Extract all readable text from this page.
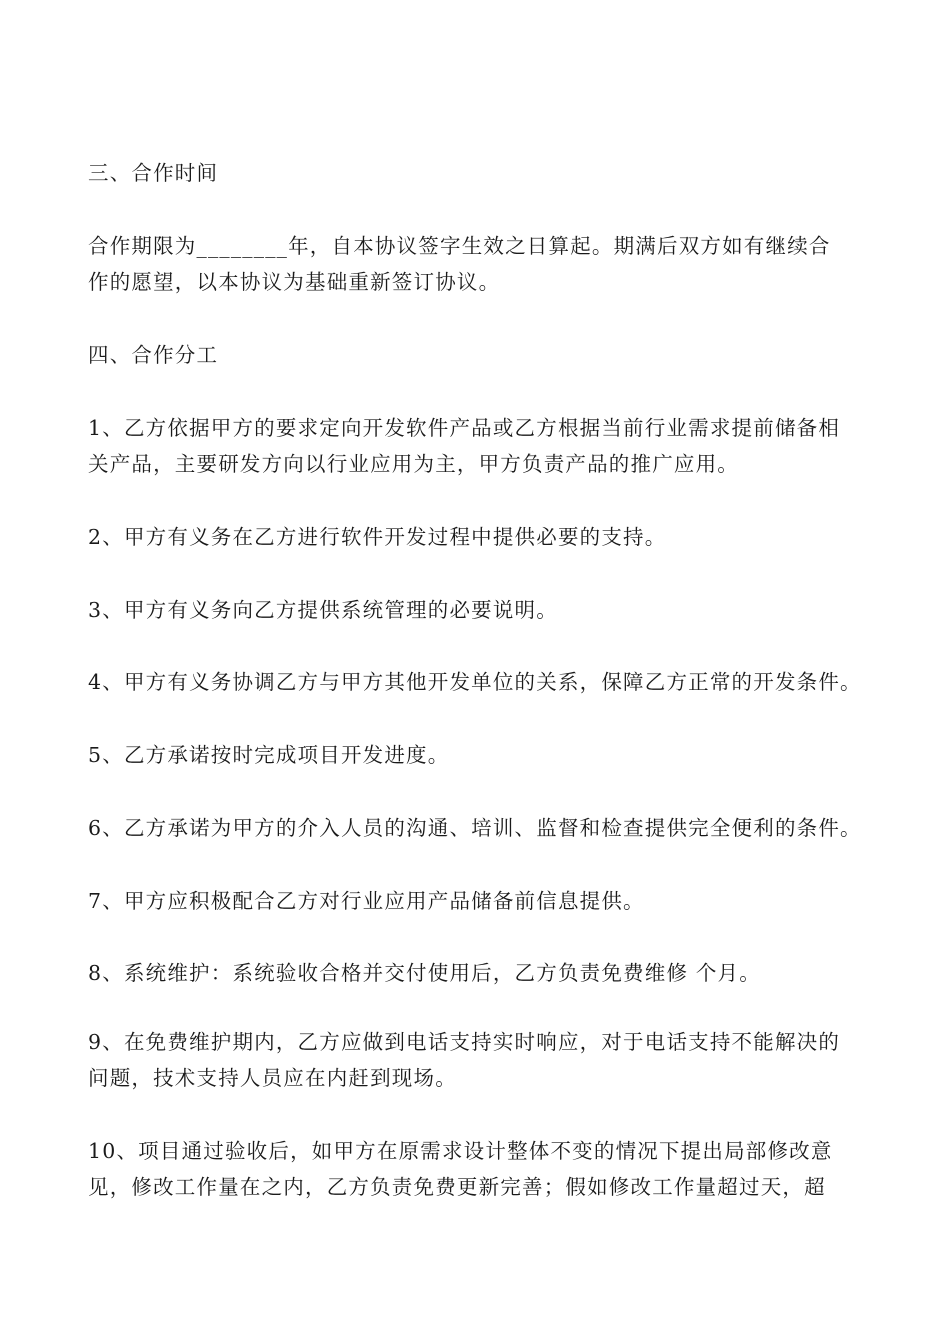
三、合作时间

合作期限为________年，自本协议签字生效之日算起。期满后双方如有继续合
作的愿望，以本协议为基础重新签订协议。

四、合作分工

1、乙方依据甲方的要求定向开发软件产品或乙方根据当前行业需求提前储备相
关产品，主要研发方向以行业应用为主，甲方负责产品的推广应用。

2、甲方有义务在乙方进行软件开发过程中提供必要的支持。

3、甲方有义务向乙方提供系统管理的必要说明。

4、甲方有义务协调乙方与甲方其他开发单位的关系，保障乙方正常的开发条件。

5、乙方承诺按时完成项目开发进度。

6、乙方承诺为甲方的介入人员的沟通、培训、监督和检查提供完全便利的条件。

7、甲方应积极配合乙方对行业应用产品储备前信息提供。

8、系统维护：系统验收合格并交付使用后，乙方负责免费维修 个月。

9、在免费维护期内，乙方应做到电话支持实时响应，对于电话支持不能解决的
问题，技术支持人员应在内赶到现场。

10、项目通过验收后，如甲方在原需求设计整体不变的情况下提出局部修改意
见，修改工作量在之内，乙方负责免费更新完善；假如修改工作量超过天，超
